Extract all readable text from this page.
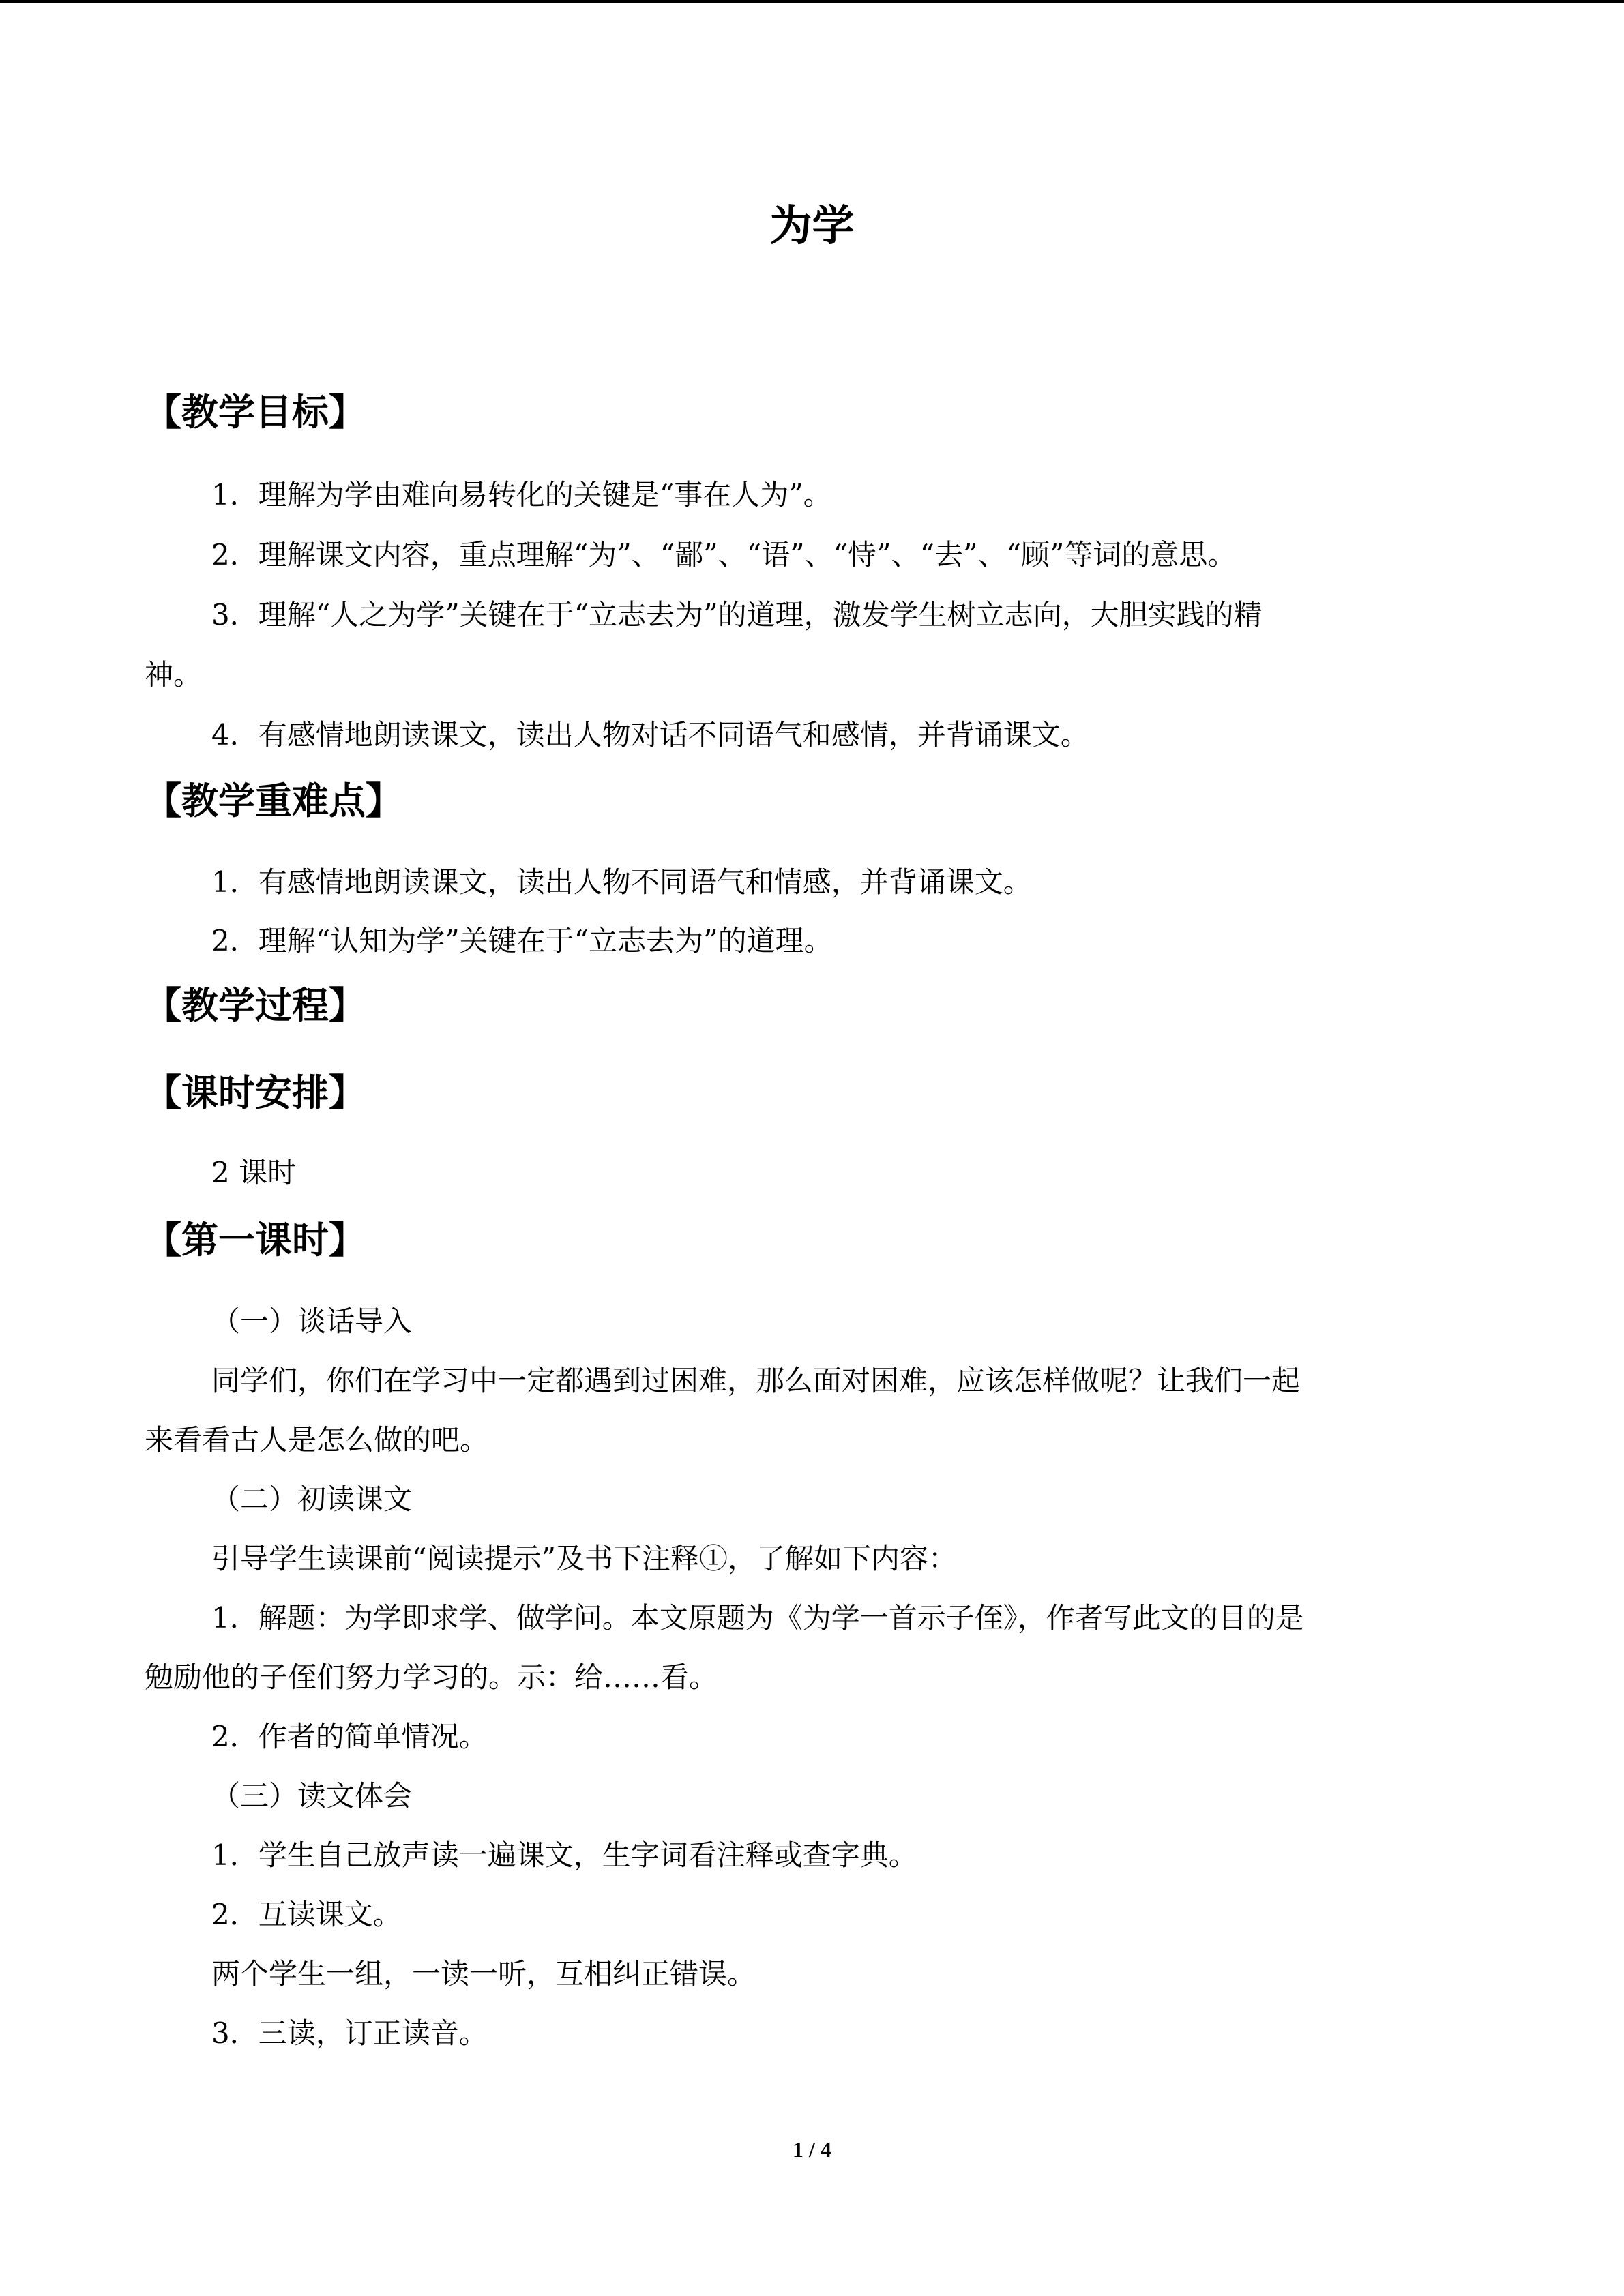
为学
【教学目标】
1．理解为学由难向易转化的关键是“事在人为”。
2．理解课文内容，重点理解“为”、“鄙”、“语”、“恃”、“去”、“顾”等词的意思。
3．理解“人之为学”关键在于“立志去为”的道理，激发学生树立志向，大胆实践的精
神。
4．有感情地朗读课文，读出人物对话不同语气和感情，并背诵课文。
【教学重难点】
1．有感情地朗读课文，读出人物不同语气和情感，并背诵课文。
2．理解“认知为学”关键在于“立志去为”的道理。
【教学过程】
【课时安排】
2 课时
【第一课时】
（一）谈话导入
同学们，你们在学习中一定都遇到过困难，那么面对困难，应该怎样做呢？让我们一起
来看看古人是怎么做的吧。
（二）初读课文
引导学生读课前“阅读提示”及书下注释①，了解如下内容：
1．解题：为学即求学、做学问。本文原题为《为学一首示子侄》，作者写此文的目的是
勉励他的子侄们努力学习的。示：给……看。
2．作者的简单情况。
（三）读文体会
1．学生自己放声读一遍课文，生字词看注释或查字典。
2．互读课文。
两个学生一组，一读一听，互相纠正错误。
3．三读，订正读音。
1 / 4
